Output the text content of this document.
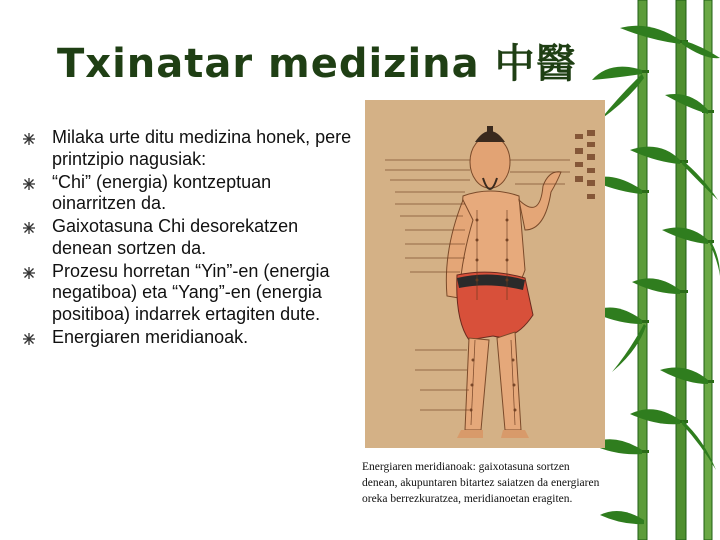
Txinatar medizina 中醫
Milaka urte ditu medizina honek, pere printzipio nagusiak:
“Chi” (energia) kontzeptuan oinarritzen da.
Gaixotasuna Chi desorekatzen denean sortzen da.
Prozesu horretan “Yin”-en (energia negatiboa) eta “Yang”-en (energia positiboa) indarrek ertagiten dute.
Energiaren meridianoak.
Energiaren meridianoak: gaixotasuna sortzen denean, akupuntaren bitartez saiatzen da energiaren oreka berrezkuratzea, meridianoetan eragiten.
